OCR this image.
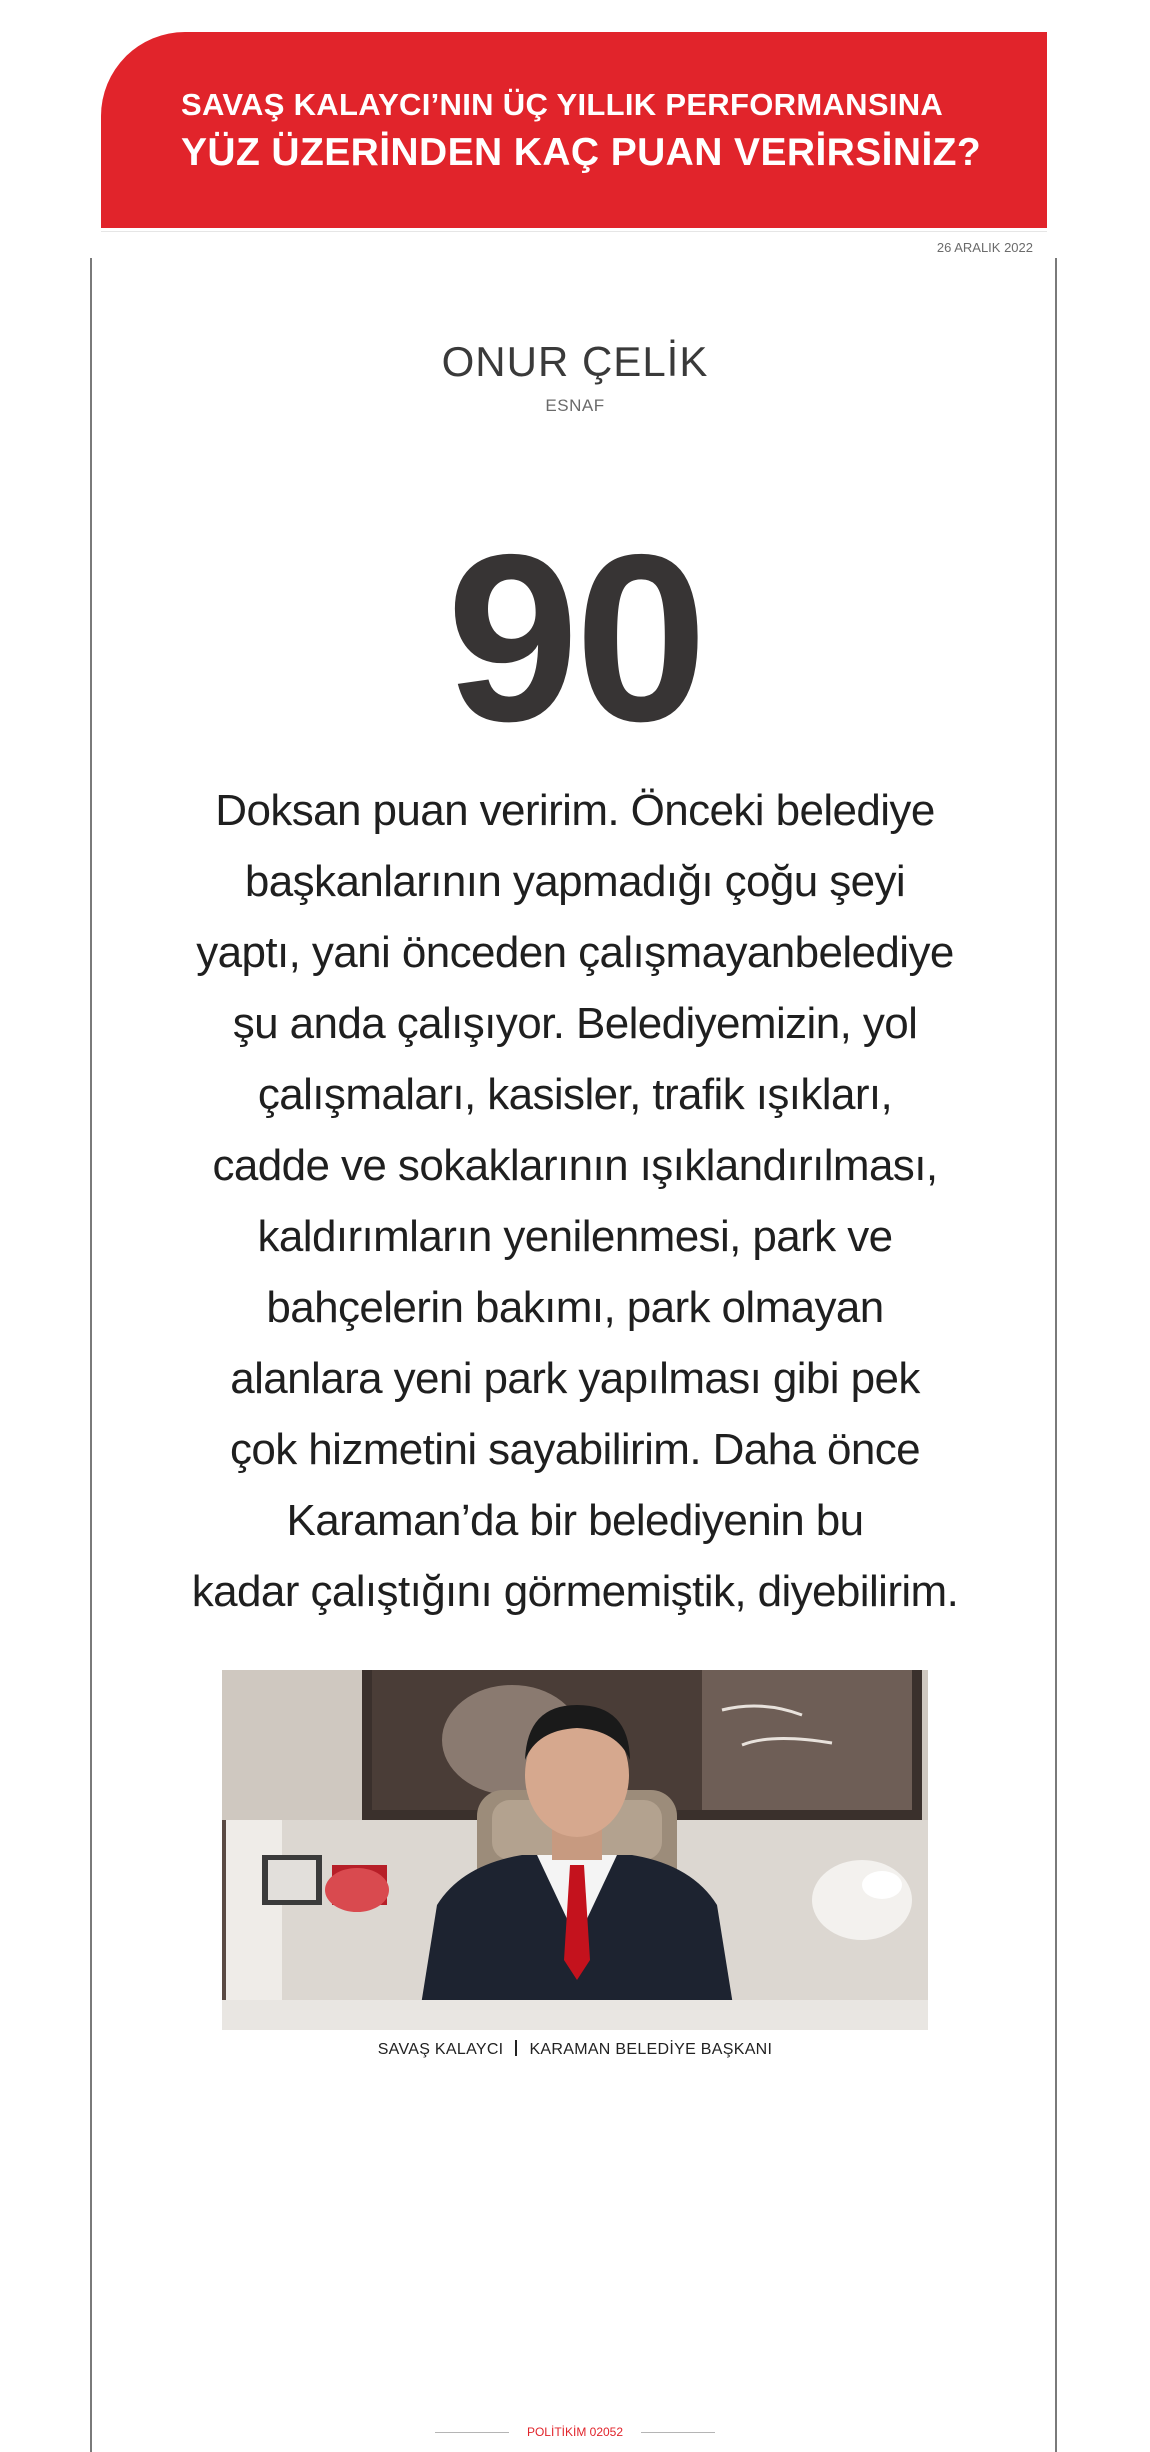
SAVAŞ KALAYCI’NIN ÜÇ YILLIK PERFORMANSINA
YÜZ ÜZERİNDEN KAÇ PUAN VERİRSİNİZ?
26 ARALIK 2022
ONUR ÇELİK
ESNAF
90
Doksan puan veririm. Önceki belediye
başkanlarının yapmadığı çoğu şeyi
yaptı, yani önceden çalışmayanbelediye
şu anda çalışıyor. Belediyemizin, yol
çalışmaları, kasisler, trafik ışıkları,
cadde ve sokaklarının ışıklandırılması,
kaldırımların yenilenmesi, park ve
bahçelerin bakımı, park olmayan
alanlara yeni park yapılması gibi pek
çok hizmetini sayabilirim. Daha önce
Karaman’da bir belediyenin bu
kadar çalıştığını görmemiştik, diyebilirim.
SAVAŞ KALAYCI KARAMAN BELEDİYE BAŞKANI
POLİTİKİM 02052
